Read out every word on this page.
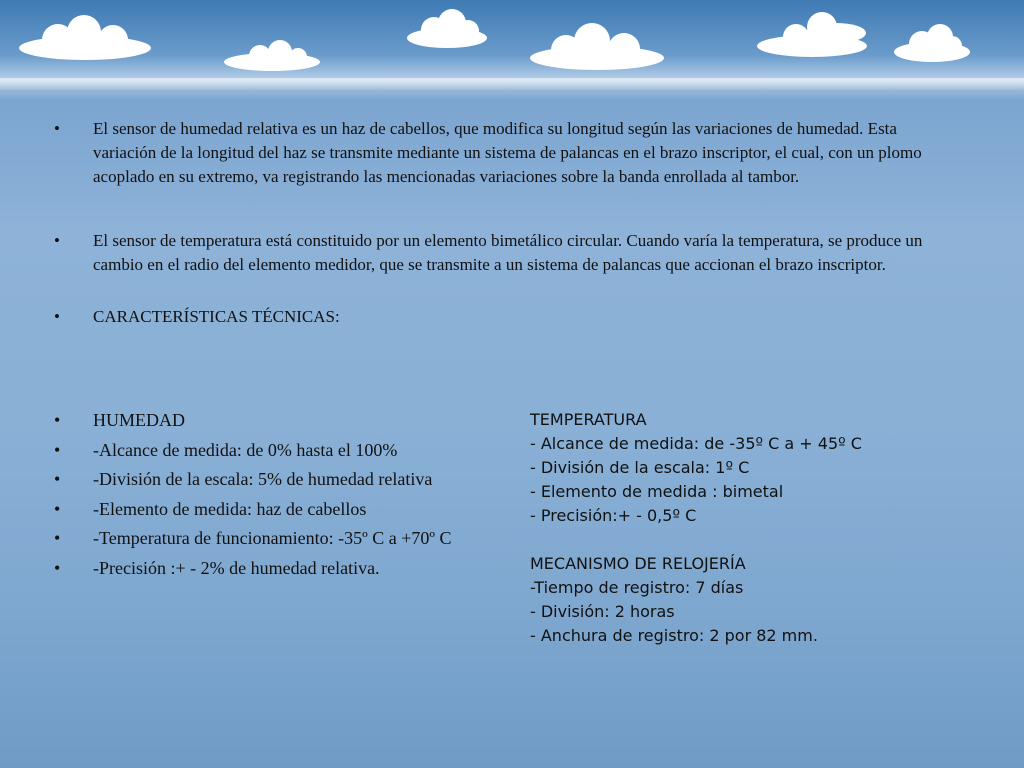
• El sensor de humedad relativa es un haz de cabellos, que modifica su longitud según las variaciones de humedad. Esta variación de la longitud del haz se transmite mediante un sistema de palancas en el brazo inscriptor, el cual, con un plomo acoplado en su extremo, va registrando las mencionadas variaciones sobre la banda enrollada al tambor.
• El sensor de temperatura está constituido por un elemento bimetálico circular. Cuando varía la temperatura, se produce un cambio en el radio del elemento medidor, que se transmite a un sistema de palancas que accionan el brazo inscriptor.
• CARACTERÍSTICAS TÉCNICAS:
• HUMEDAD
• -Alcance de medida: de 0% hasta el 100%
• -División de la escala: 5% de humedad relativa
• -Elemento de medida: haz de cabellos
• -Temperatura de funcionamiento: -35º C a +70º C
• -Precisión :+ - 2% de humedad relativa.
TEMPERATURA
- Alcance de medida: de -35º C a + 45º C
- División de la escala: 1º C
- Elemento de medida : bimetal
- Precisión:+ - 0,5º C
MECANISMO DE RELOJERÍA
-Tiempo de registro: 7 días
- División: 2 horas
- Anchura de registro: 2 por 82 mm.
